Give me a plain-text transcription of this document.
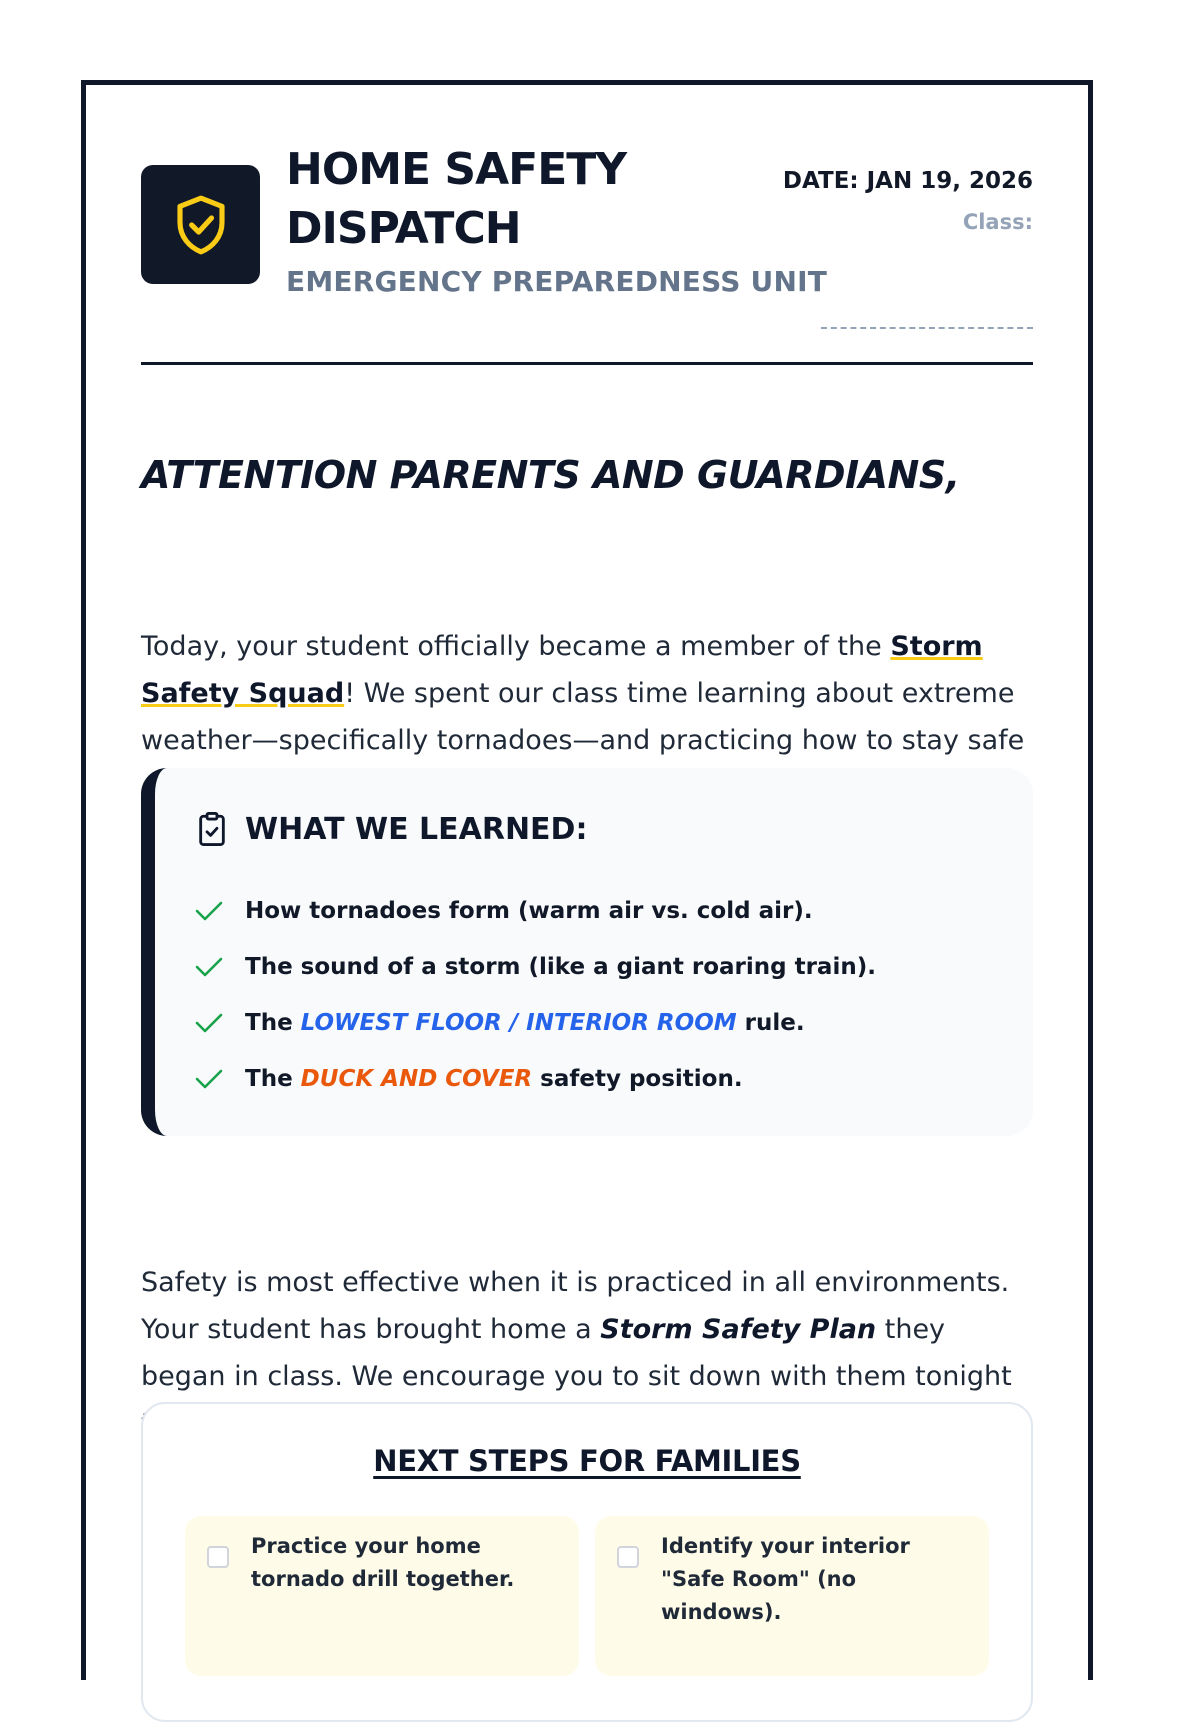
HOME SAFETY DISPATCH
EMERGENCY PREPAREDNESS UNIT
DATE: JAN 19, 2026
Class:
ATTENTION PARENTS AND GUARDIANS,
Today, your student officially became a member of the Storm Safety Squad! We spent our class time learning about extreme weather—specifically tornadoes—and practicing how to stay safe
WHAT WE LEARNED:
How tornadoes form (warm air vs. cold air).
The sound of a storm (like a giant roaring train).
The LOWEST FLOOR / INTERIOR ROOM rule.
The DUCK AND COVER safety position.
Safety is most effective when it is practiced in all environments. Your student has brought home a Storm Safety Plan they began in class. We encourage you to sit down with them tonight
NEXT STEPS FOR FAMILIES
Practice your home tornado drill together.
Identify your interior "Safe Room" (no windows).
